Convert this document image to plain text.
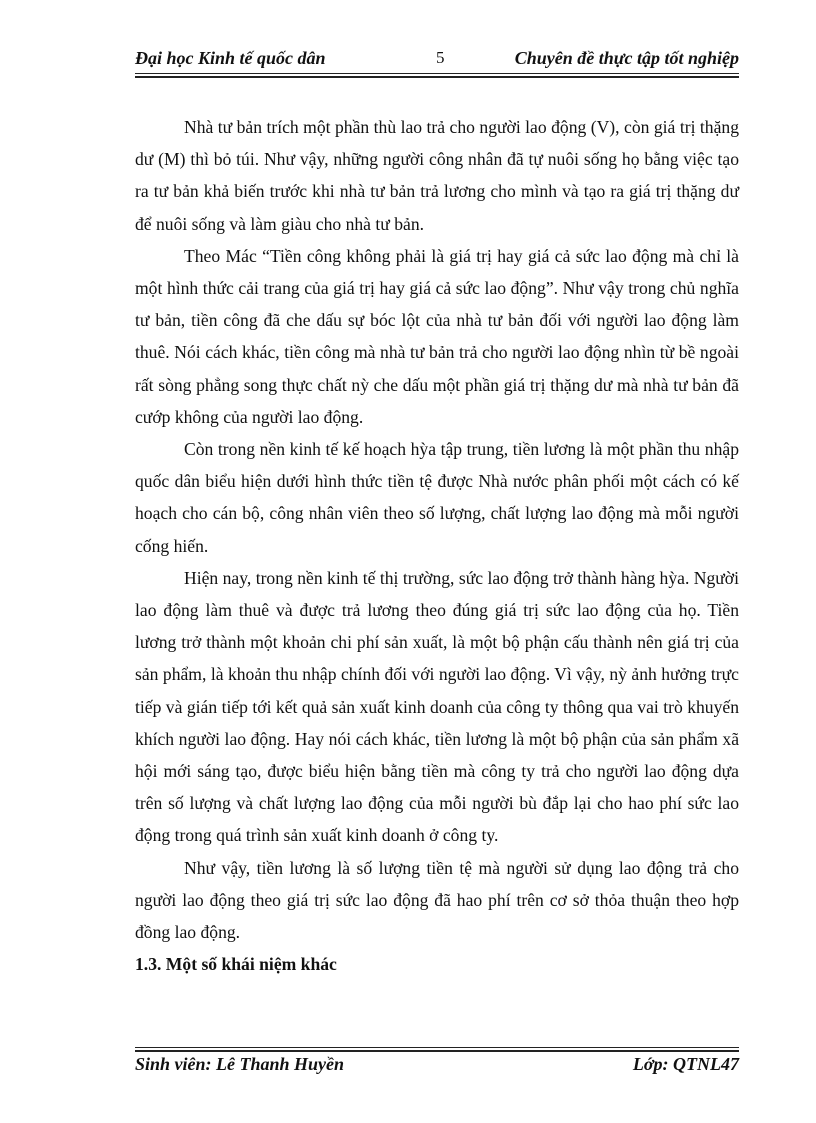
Đại học Kinh tế quốc dân	5	Chuyên đề thực tập tốt nghiệp

Nhà tư bản trích một phần thù lao trả cho người lao động (V), còn giá trị thặng dư (M) thì bỏ túi. Như vậy, những người công nhân đã tự nuôi sống họ bằng việc tạo ra tư bản khả biến trước khi nhà tư bản trả lương cho mình và tạo ra giá trị thặng dư để nuôi sống và làm giàu cho nhà tư bản.

Theo Mác “Tiền công không phải là giá trị hay giá cả sức lao động mà chỉ là một hình thức cải trang của giá trị hay giá cả sức lao động”. Như vậy trong chủ nghĩa tư bản, tiền công đã che dấu sự bóc lột của nhà tư bản đối với người lao động làm thuê. Nói cách khác, tiền công mà nhà tư bản trả cho người lao động nhìn từ bề ngoài rất sòng phẳng song thực chất nỳ che dấu một phần giá trị thặng dư mà nhà tư bản đã cướp không của người lao động.

Còn trong nền kinh tế kế hoạch hỳa tập trung, tiền lương là một phần thu nhập quốc dân biểu hiện dưới hình thức tiền tệ được Nhà nước phân phối một cách có kế hoạch cho cán bộ, công nhân viên theo số lượng, chất lượng lao động mà mỗi người cống hiến.

Hiện nay, trong nền kinh tế thị trường, sức lao động trở thành hàng hỳa. Người lao động làm thuê và được trả lương theo đúng giá trị sức lao động của họ. Tiền lương trở thành một khoản chi phí sản xuất, là một bộ phận cấu thành nên giá trị của sản phẩm, là khoản thu nhập chính đối với người lao động. Vì vậy, nỳ ảnh hưởng trực tiếp và gián tiếp tới kết quả sản xuất kinh doanh của công ty thông qua vai trò khuyến khích người lao động. Hay nói cách khác, tiền lương là một bộ phận của sản phẩm xã hội mới sáng tạo, được biểu hiện bằng tiền mà công ty trả cho người lao động dựa trên số lượng và chất lượng lao động của mỗi người bù đắp lại cho hao phí sức lao động trong quá trình sản xuất kinh doanh ở công ty.

Như vậy, tiền lương là số lượng tiền tệ mà người sử dụng lao động trả cho người lao động theo giá trị sức lao động đã hao phí trên cơ sở thỏa thuận theo hợp đồng lao động.

1.3. Một số khái niệm khác

Sinh viên: Lê Thanh Huyền	Lớp: QTNL47
